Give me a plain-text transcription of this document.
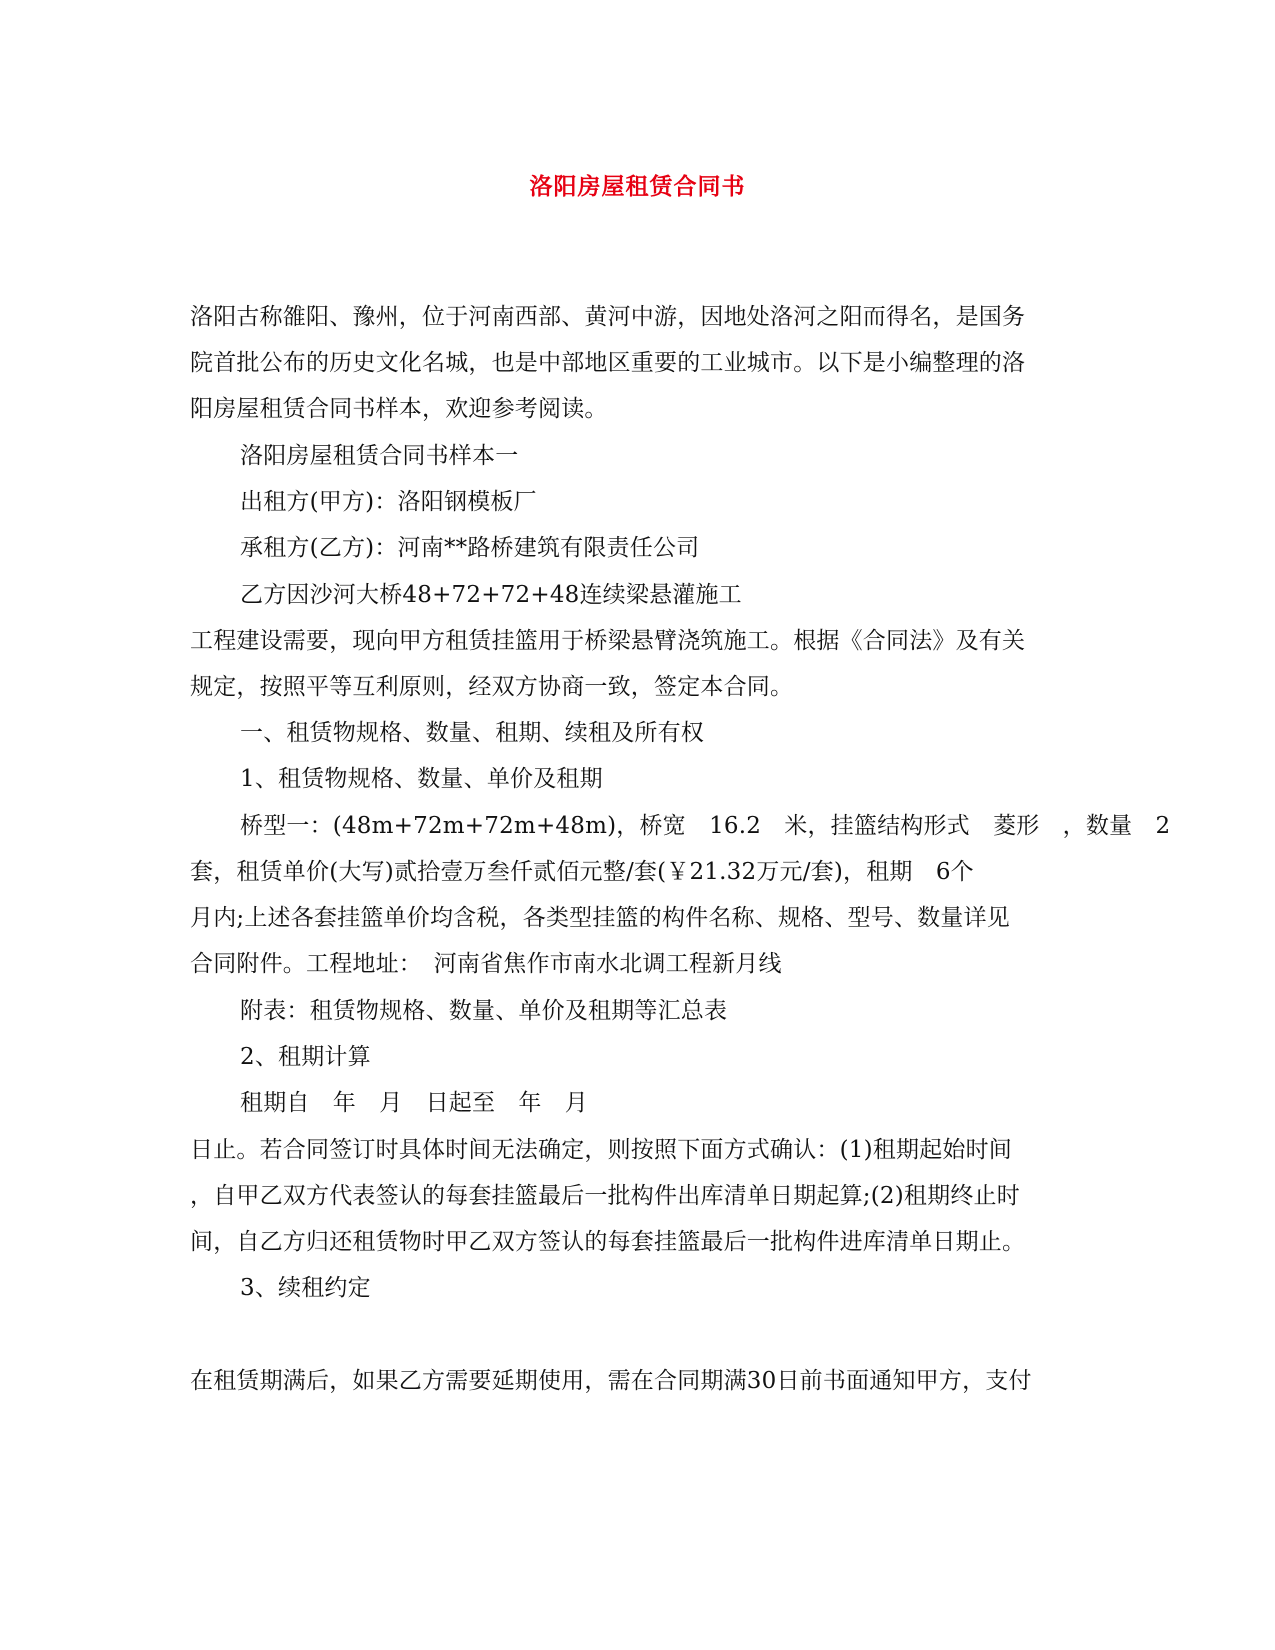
洛阳房屋租赁合同书
洛阳古称雒阳、豫州，位于河南西部、黄河中游，因地处洛河之阳而得名，是国务
院首批公布的历史文化名城，也是中部地区重要的工业城市。以下是小编整理的洛
阳房屋租赁合同书样本，欢迎参考阅读。
洛阳房屋租赁合同书样本一
出租方(甲方)：洛阳钢模板厂
承租方(乙方)：河南**路桥建筑有限责任公司
乙方因沙河大桥48+72+72+48连续梁悬灌施工
工程建设需要，现向甲方租赁挂篮用于桥梁悬臂浇筑施工。根据《合同法》及有关
规定，按照平等互利原则，经双方协商一致，签定本合同。
一、租赁物规格、数量、租期、续租及所有权
1、租赁物规格、数量、单价及租期
桥型一：(48m+72m+72m+48m)，桥宽　16.2　米，挂篮结构形式　菱形　，数量　2
套，租赁单价(大写)贰拾壹万叁仟贰佰元整/套(￥21.32万元/套)，租期　6个
月内;上述各套挂篮单价均含税，各类型挂篮的构件名称、规格、型号、数量详见
合同附件。工程地址：　河南省焦作市南水北调工程新月线
附表：租赁物规格、数量、单价及租期等汇总表
2、租期计算
租期自　年　月　日起至　年　月
日止。若合同签订时具体时间无法确定，则按照下面方式确认：(1)租期起始时间
，自甲乙双方代表签认的每套挂篮最后一批构件出库清单日期起算;(2)租期终止时
间，自乙方归还租赁物时甲乙双方签认的每套挂篮最后一批构件进库清单日期止。
3、续租约定
在租赁期满后，如果乙方需要延期使用，需在合同期满30日前书面通知甲方，支付
